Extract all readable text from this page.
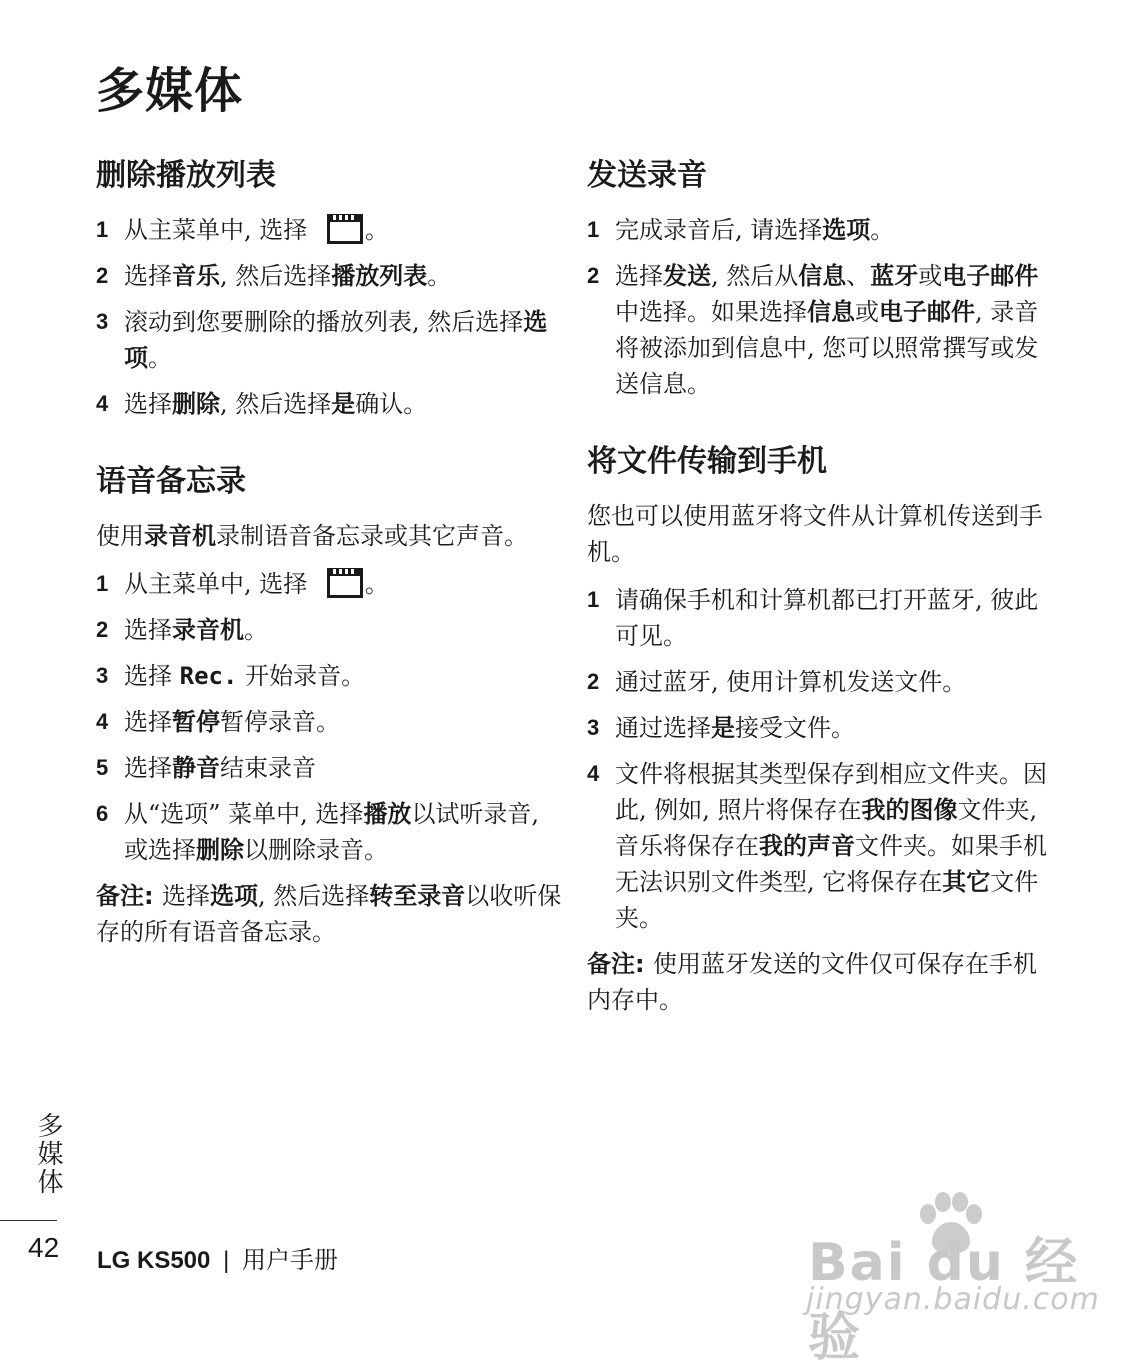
多媒体
删除播放列表
1 从主菜单中, 选择 。
2 选择音乐, 然后选择播放列表。
3 滚动到您要删除的播放列表, 然后选择选项。
4 选择删除, 然后选择是确认。
语音备忘录

使用录音机录制语音备忘录或其它声音。

1 从主菜单中, 选择 。
2 选择录音机。
3 选择 Rec. 开始录音。
4 选择暂停暂停录音。
5 选择静音结束录音
6 从“选项” 菜单中, 选择播放以试听录音, 或选择删除以删除录音。

备注: 选择选项, 然后选择转至录音以收听保存的所有语音备忘录。

发送录音
1 完成录音后, 请选择选项。
2 选择发送, 然后从信息、蓝牙或电子邮件中选择。如果选择信息或电子邮件, 录音将被添加到信息中, 您可以照常撰写或发送信息。
将文件传输到手机

您也可以使用蓝牙将文件从计算机传送到手机。

1 请确保手机和计算机都已打开蓝牙, 彼此可见。
2 通过蓝牙, 使用计算机发送文件。
3 通过选择是接受文件。
4 文件将根据其类型保存到相应文件夹。因此, 例如, 照片将保存在我的图像文件夹, 音乐将保存在我的声音文件夹。如果手机无法识别文件类型, 它将保存在其它文件夹。

备注: 使用蓝牙发送的文件仅可保存在手机内存中。

多媒体
42 LG KS500 | 用户手册	Bai du 经验
jingyan.baidu.com
